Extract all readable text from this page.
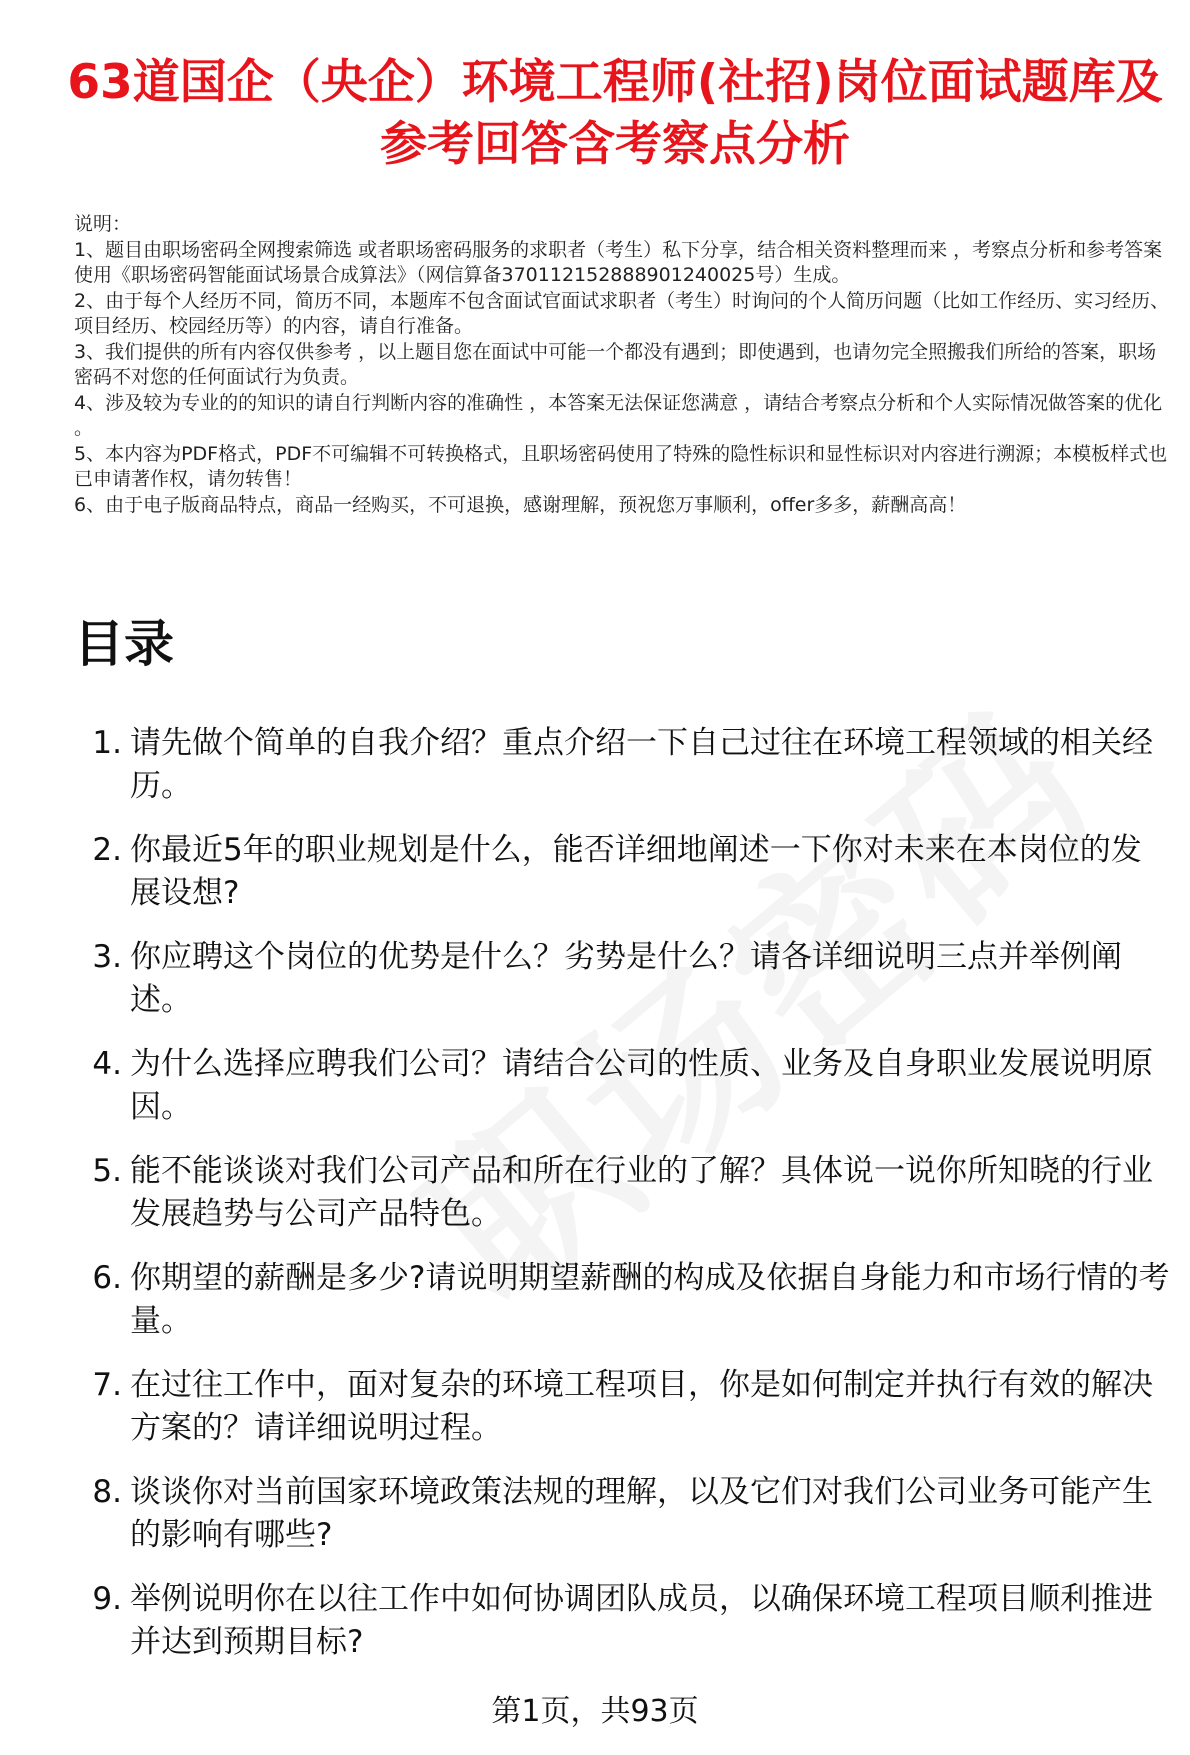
63道国企（央企）环境工程师(社招)岗位面试题库及参考回答含考察点分析

说明：

1、题目由职场密码全网搜索筛选 或者职场密码服务的求职者（考生）私下分享，结合相关资料整理而来 ，考察点分析和参考答案使用《职场密码智能面试场景合成算法》（网信算备370112152888901240025号）生成。

2、由于每个人经历不同，简历不同，本题库不包含面试官面试求职者（考生）时询问的个人简历问题（比如工作经历、实习经历、项目经历、校园经历等）的内容，请自行准备。

3、我们提供的所有内容仅供参考 ，以上题目您在面试中可能一个都没有遇到；即使遇到，也请勿完全照搬我们所给的答案，职场密码不对您的任何面试行为负责。

4、涉及较为专业的的知识的请自行判断内容的准确性 ，本答案无法保证您满意 ，请结合考察点分析和个人实际情况做答案的优化 。

5、本内容为PDF格式，PDF不可编辑不可转换格式，且职场密码使用了特殊的隐性标识和显性标识对内容进行溯源；本模板样式也已申请著作权，请勿转售！

6、由于电子版商品特点，商品一经购买，不可退换，感谢理解，预祝您万事顺利，offer多多，薪酬高高！

目录
1. 请先做个简单的自我介绍？重点介绍一下自己过往在环境工程领域的相关经历。
2. 你最近5年的职业规划是什么，能否详细地阐述一下你对未来在本岗位的发展设想?
3. 你应聘这个岗位的优势是什么？劣势是什么？请各详细说明三点并举例阐述。
4. 为什么选择应聘我们公司？请结合公司的性质、业务及自身职业发展说明原因。
5. 能不能谈谈对我们公司产品和所在行业的了解？具体说一说你所知晓的行业发展趋势与公司产品特色。
6. 你期望的薪酬是多少?请说明期望薪酬的构成及依据自身能力和市场行情的考量。
7. 在过往工作中，面对复杂的环境工程项目，你是如何制定并执行有效的解决方案的？请详细说明过程。
8. 谈谈你对当前国家环境政策法规的理解，以及它们对我们公司业务可能产生的影响有哪些?
9. 举例说明你在以往工作中如何协调团队成员，以确保环境工程项目顺利推进并达到预期目标?
第1页，共93页
